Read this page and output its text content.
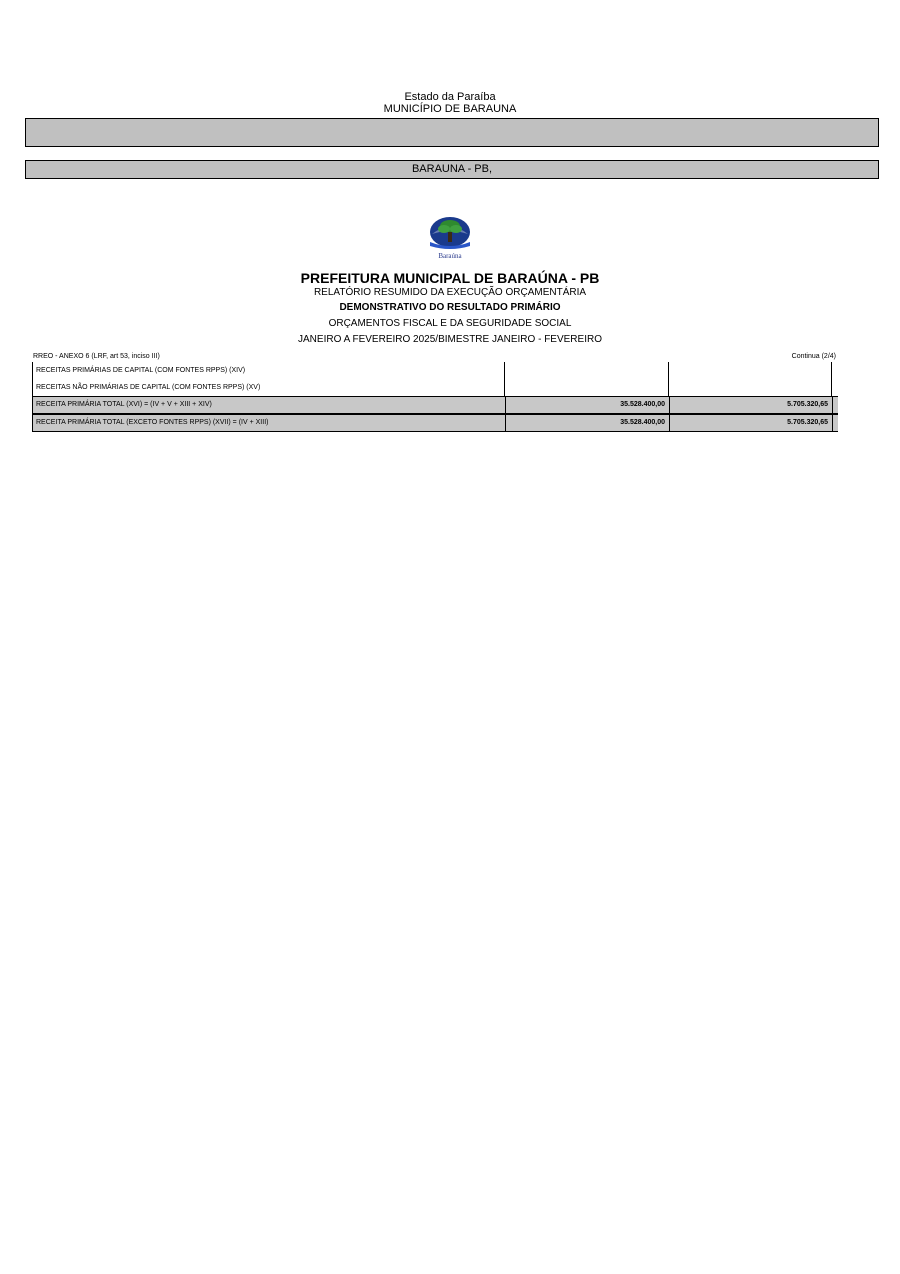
Estado da Paraíba
MUNICÍPIO DE BARAUNA
BARAUNA - PB,
Baraúna
PREFEITURA MUNICIPAL DE BARAÚNA - PB
RELATÓRIO RESUMIDO DA EXECUÇÃO ORÇAMENTÁRIA
DEMONSTRATIVO DO RESULTADO PRIMÁRIO
ORÇAMENTOS FISCAL E DA SEGURIDADE SOCIAL
JANEIRO A FEVEREIRO 2025/BIMESTRE JANEIRO - FEVEREIRO
RREO - ANEXO 6 (LRF, art 53, inciso III)	Continua (2/4)
RECEITAS PRIMÁRIAS DE CAPITAL (COM FONTES RPPS) (XIV)
RECEITAS NÃO PRIMÁRIAS DE CAPITAL (COM FONTES RPPS) (XV)
RECEITA PRIMÁRIA TOTAL (XVI) = (IV + V + XIII + XIV)	35.528.400,00	5.705.320,65
RECEITA PRIMÁRIA TOTAL (EXCETO FONTES RPPS) (XVII) = (IV + XIII)	35.528.400,00	5.705.320,65
